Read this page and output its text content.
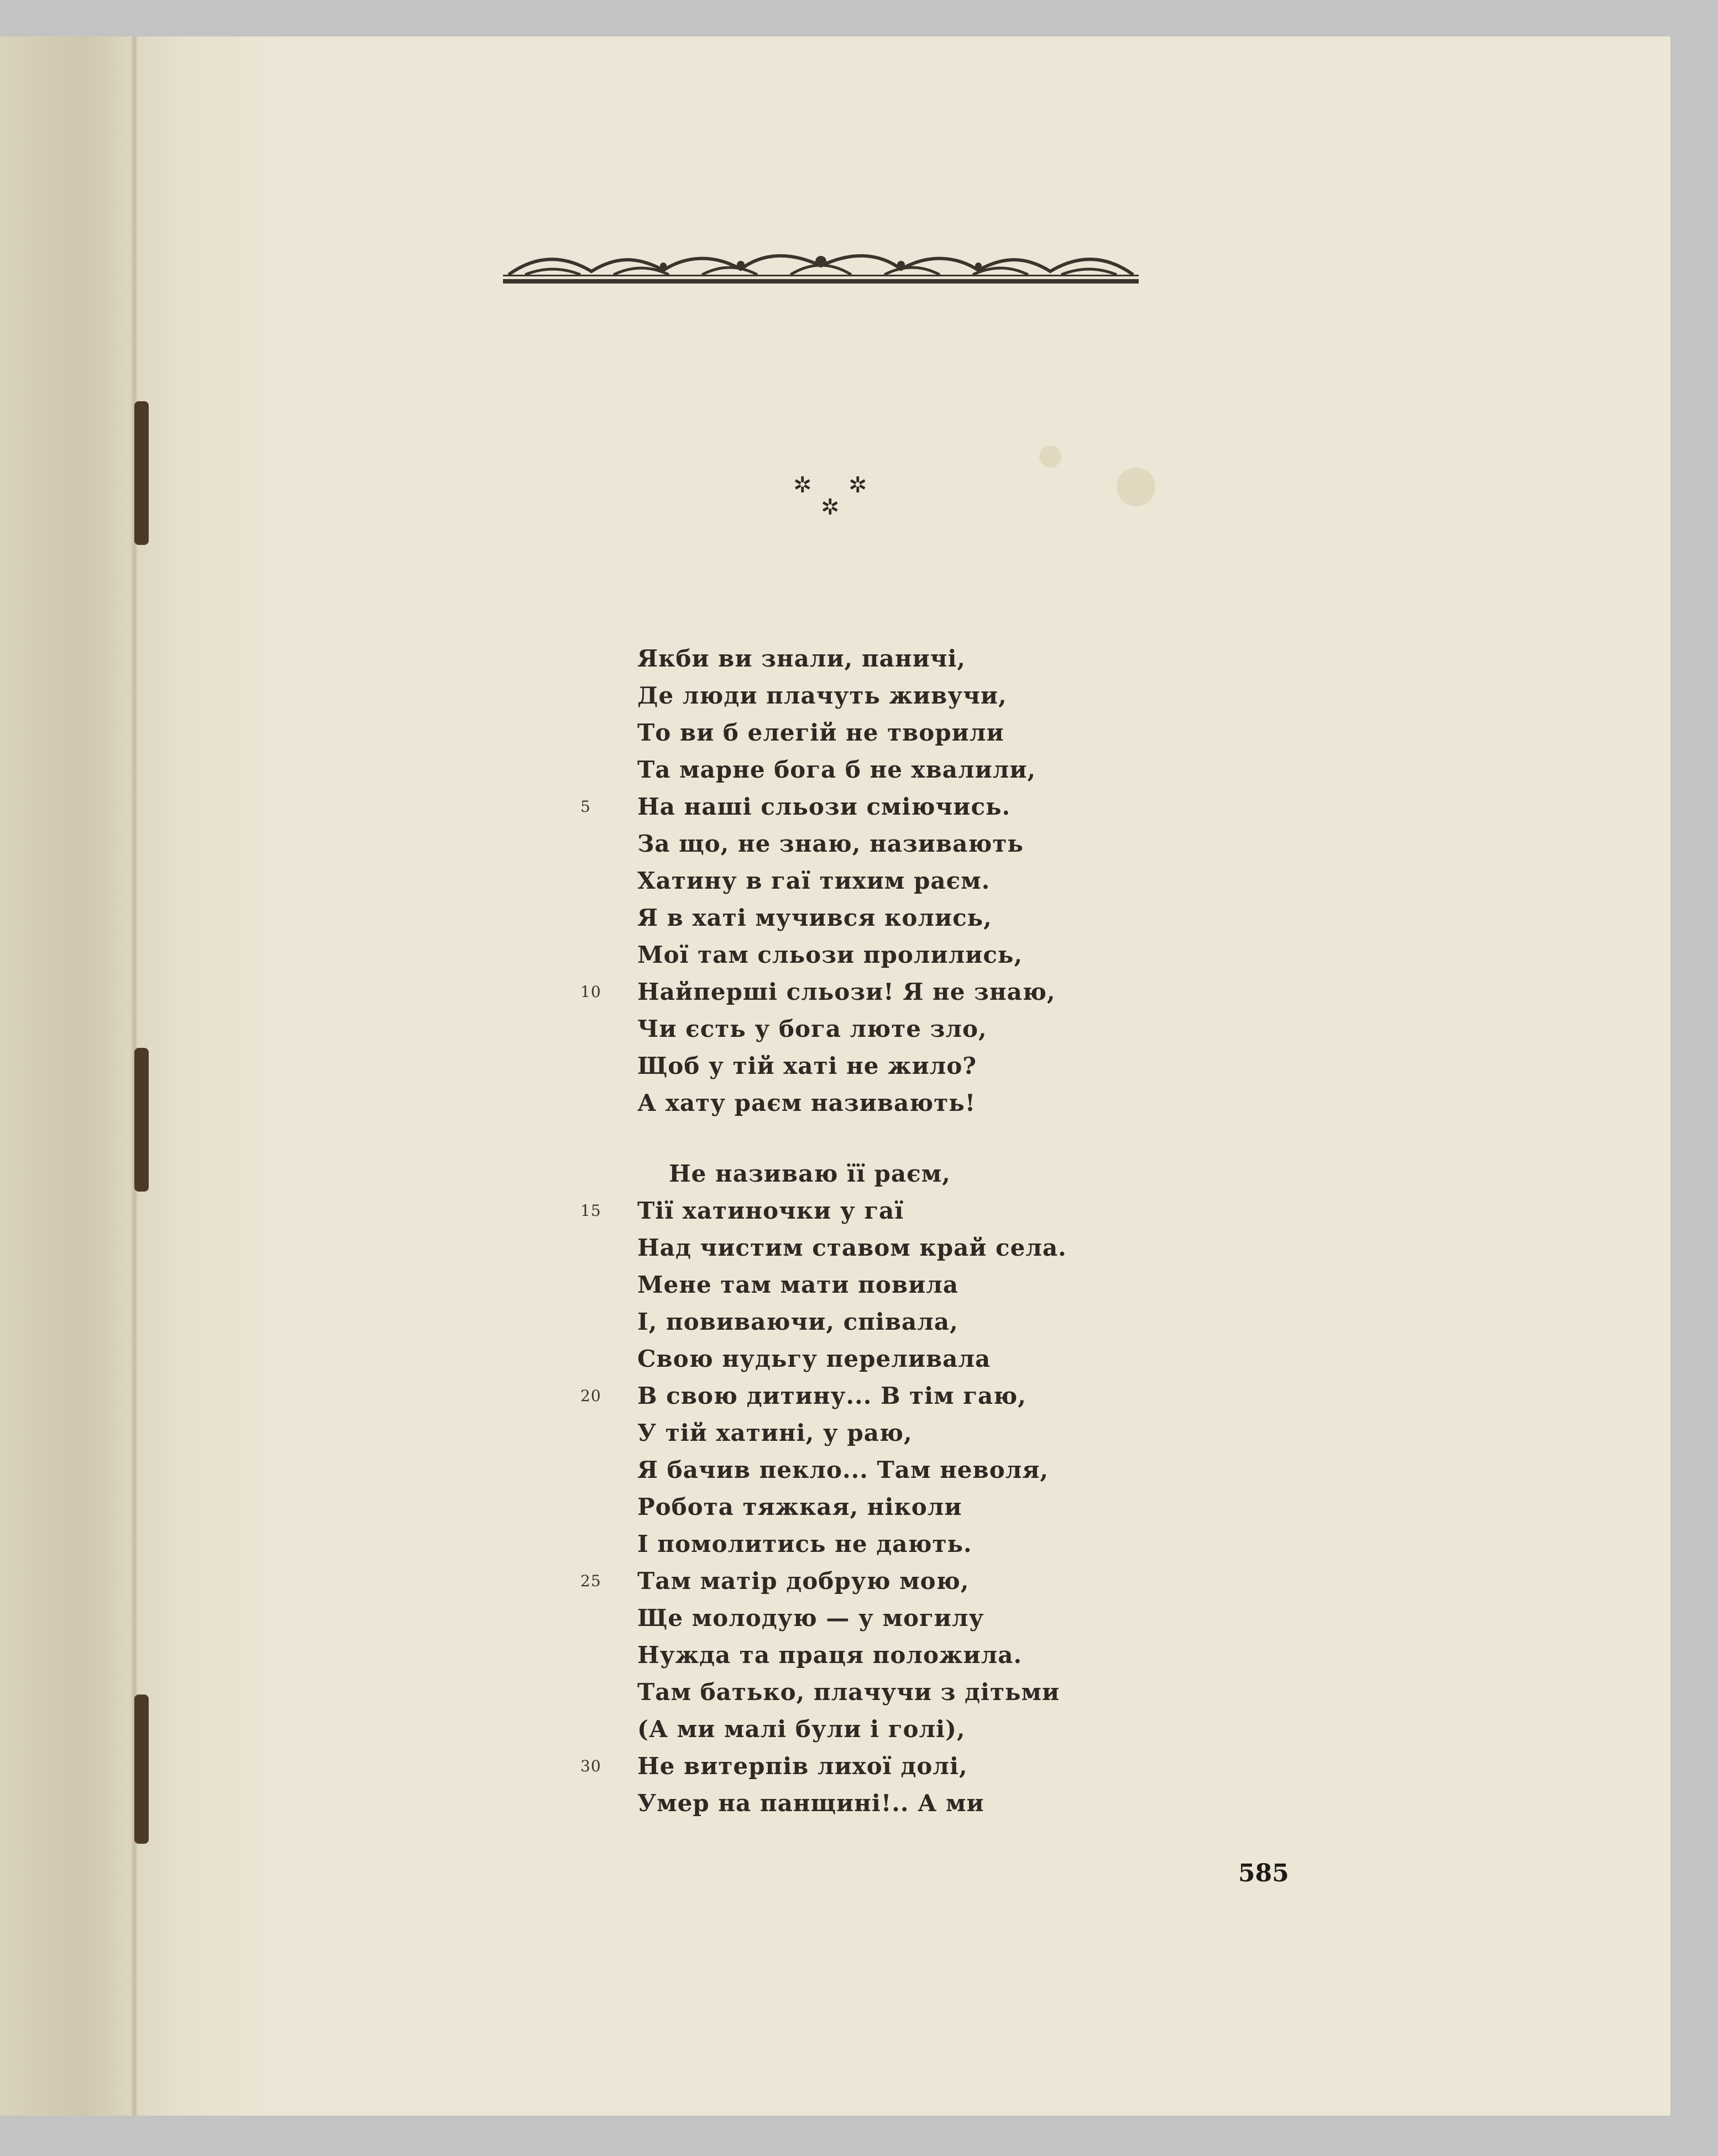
✲ ✲
✲
Якби ви знали, паничі,
Де люди плачуть живучи,
То ви б елегій не творили
Та марне бога б не хвалили,
5	На наші сльози сміючись.
За що, не знаю, називають
Хатину в гаї тихим раєм.
Я в хаті мучився колись,
Мої там сльози пролились,
10	Найперші сльози! Я не знаю,
Чи єсть у бога люте зло,
Щоб у тій хаті не жило?
А хату раєм називають!
Не називаю її раєм,
15	Тії хатиночки у гаї
Над чистим ставом край села.
Мене там мати повила
І, повиваючи, співала,
Свою нудьгу переливала
20	В свою дитину... В тім гаю,
У тій хатині, у раю,
Я бачив пекло... Там неволя,
Робота тяжкая, ніколи
І помолитись не дають.
25	Там матір добрую мою,
Ще молодую — у могилу
Нужда та праця положила.
Там батько, плачучи з дітьми
(А ми малі були і голі),
30	Не витерпів лихої долі,
Умер на панщині!.. А ми
585
